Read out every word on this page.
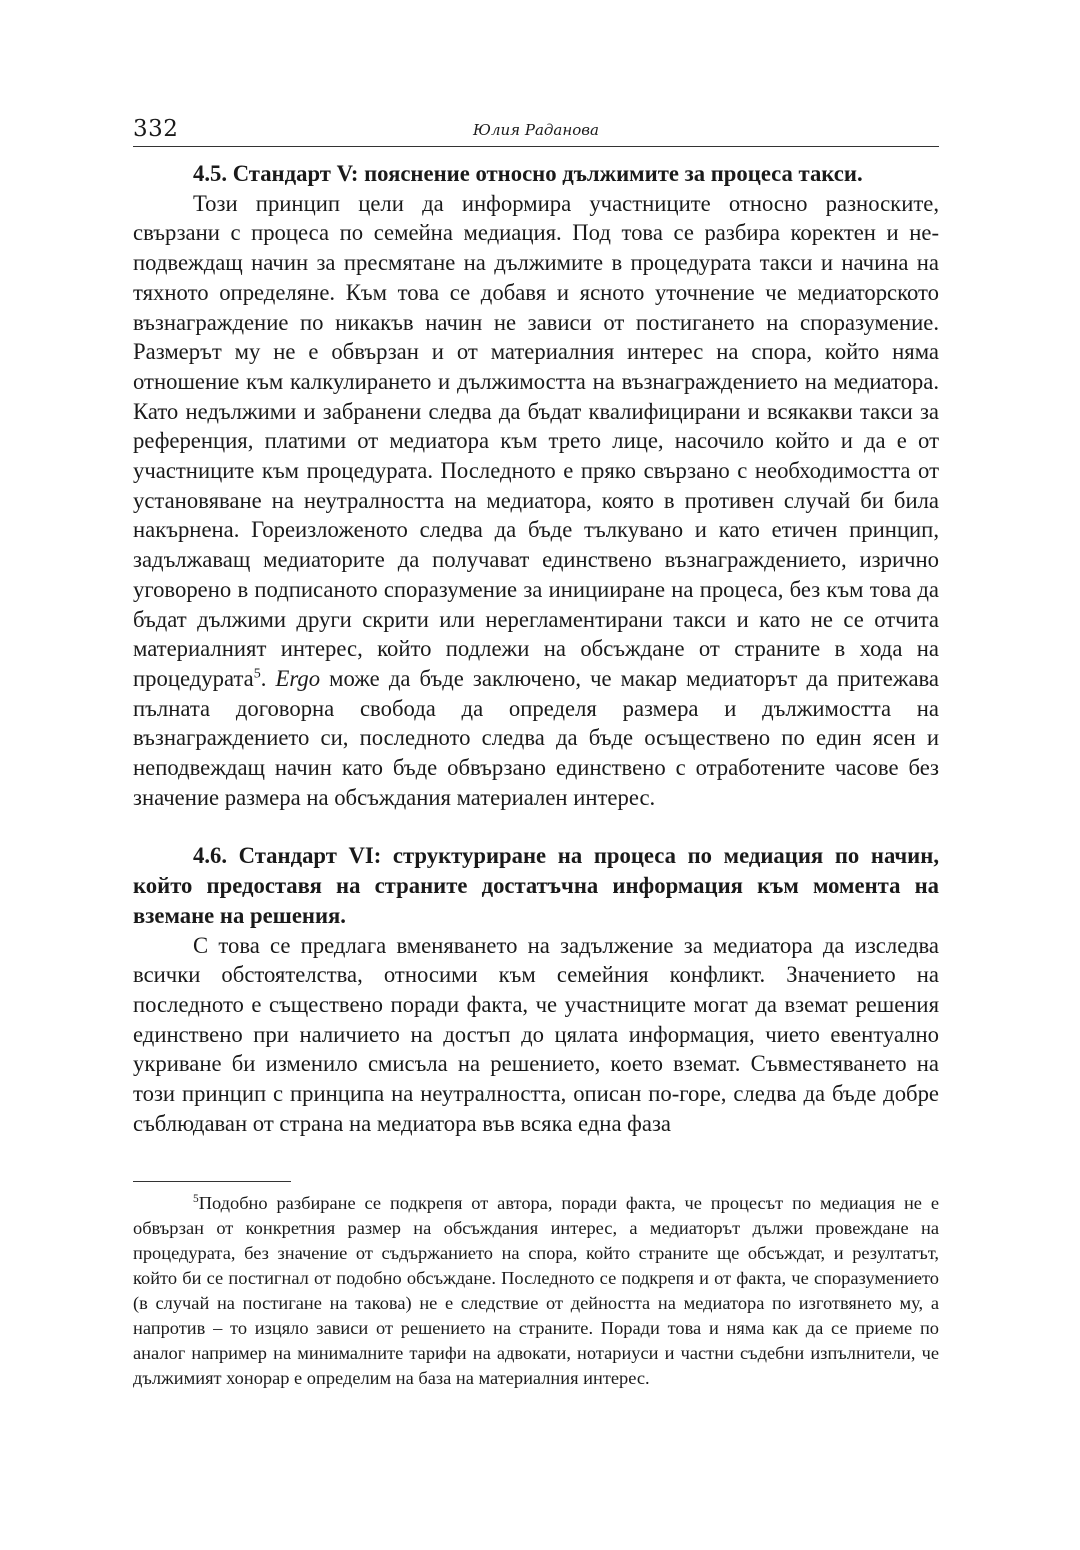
332	Юлия Раданова

4.5. Стандарт V: пояснение относно дължимите за процеса такси.

Този принцип цели да информира участниците относно разноските, свързани с процеса по семейна медиация. Под това се разбира коректен и неподвеждащ начин за пресмятане на дължимите в процедурата такси и начина на тяхното определяне. Към това се добавя и ясното уточнение че медиаторското възнаграждение по никакъв начин не зависи от постигането на споразумение. Размерът му не е обвързан и от материалния интерес на спора, който няма отношение към калкулирането и дължимостта на възнаграждението на медиатора. Като недължими и забранени следва да бъдат квалифицирани и всякакви такси за референция, платими от медиатора към трето лице, насочило който и да е от участниците към процедурата. Последното е пряко свързано с необходимостта от установяване на неутралността на медиатора, която в противен случай би била накърнена. Гореизложеното следва да бъде тълкувано и като етичен принцип, задължаващ медиаторите да получават единствено възнаграждението, изрично уговорено в подписаното споразумение за иницииране на процеса, без към това да бъдат дължими други скрити или нерегламентирани такси и като не се отчита материалният интерес, който подлежи на обсъждане от страните в хода на процедурата$^5$. Ergo може да бъде заключено, че макар медиаторът да притежава пълната договорна свобода да определя размера и дължимостта на възнаграждението си, последното следва да бъде осъществено по един ясен и неподвеждащ начин като бъде обвързано единствено с отработените часове без значение размера на обсъждания материален интерес.

4.6. Стандарт VI: структуриране на процеса по медиация по начин, който предоставя на страните достатъчна информация към момента на вземане на решения.

С това се предлага вменяването на задължение за медиатора да изследва всички обстоятелства, относими към семейния конфликт. Значението на последното е съществено поради факта, че участниците могат да вземат решения единствено при наличието на достъп до цялата информация, чието евентуално укриване би изменило смисъла на решението, което вземат. Съвместяването на този принцип с принципа на неутралността, описан по-горе, следва да бъде добре съблюдаван от страна на медиатора във всяка една фаза

$^5$Подобно разбиране се подкрепя от автора, поради факта, че процесът по медиация не е обвързан от конкретния размер на обсъждания интерес, а медиаторът дължи провеждане на процедурата, без значение от съдържанието на спора, който страните ще обсъждат, и резултатът, който би се постигнал от подобно обсъждане. Последното се подкрепя и от факта, че споразумението (в случай на постигане на такова) не е следствие от дейността на медиатора по изготвянето му, а напротив – то изцяло зависи от решението на страните. Поради това и няма как да се приеме по аналог например на минималните тарифи на адвокати, нотариуси и частни съдебни изпълнители, че дължимият хонорар е определим на база на материалния интерес.
